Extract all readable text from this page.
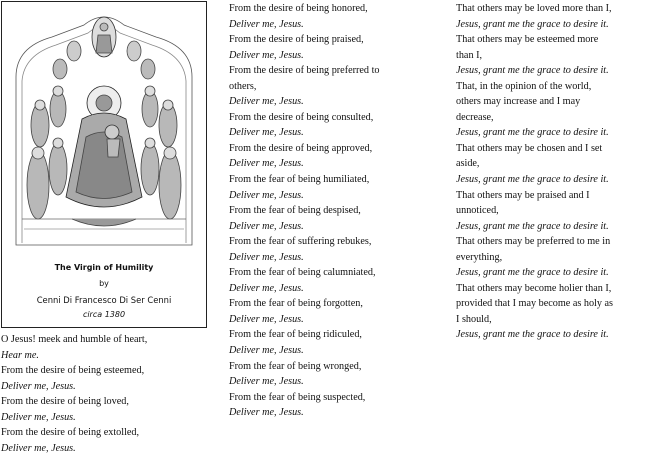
The Virgin of Humility
by
Cenni Di Francesco Di Ser Cenni
circa 1380
O Jesus! meek and humble of heart,
Hear me.
From the desire of being esteemed,
Deliver me, Jesus.
From the desire of being loved,
Deliver me, Jesus.
From the desire of being extolled,
Deliver me, Jesus.
From the desire of being honored,
Deliver me, Jesus.
From the desire of being praised,
Deliver me, Jesus.
From the desire of being preferred to
others,
Deliver me, Jesus.
From the desire of being consulted,
Deliver me, Jesus.
From the desire of being approved,
Deliver me, Jesus.
From the fear of being humiliated,
Deliver me, Jesus.
From the fear of being despised,
Deliver me, Jesus.
From the fear of suffering rebukes,
Deliver me, Jesus.
From the fear of being calumniated,
Deliver me, Jesus.
From the fear of being forgotten,
Deliver me, Jesus.
From the fear of being ridiculed,
Deliver me, Jesus.
From the fear of being wronged,
Deliver me, Jesus.
From the fear of being suspected,
Deliver me, Jesus.
That others may be loved more than I,
Jesus, grant me the grace to desire it.
That others may be esteemed more
than I,
Jesus, grant me the grace to desire it.
That, in the opinion of the world,
others may increase and I may
decrease,
Jesus, grant me the grace to desire it.
That others may be chosen and I set
aside,
Jesus, grant me the grace to desire it.
That others may be praised and I
unnoticed,
Jesus, grant me the grace to desire it.
That others may be preferred to me in
everything,
Jesus, grant me the grace to desire it.
That others may become holier than I,
provided that I may become as holy as
I should,
Jesus, grant me the grace to desire it.
